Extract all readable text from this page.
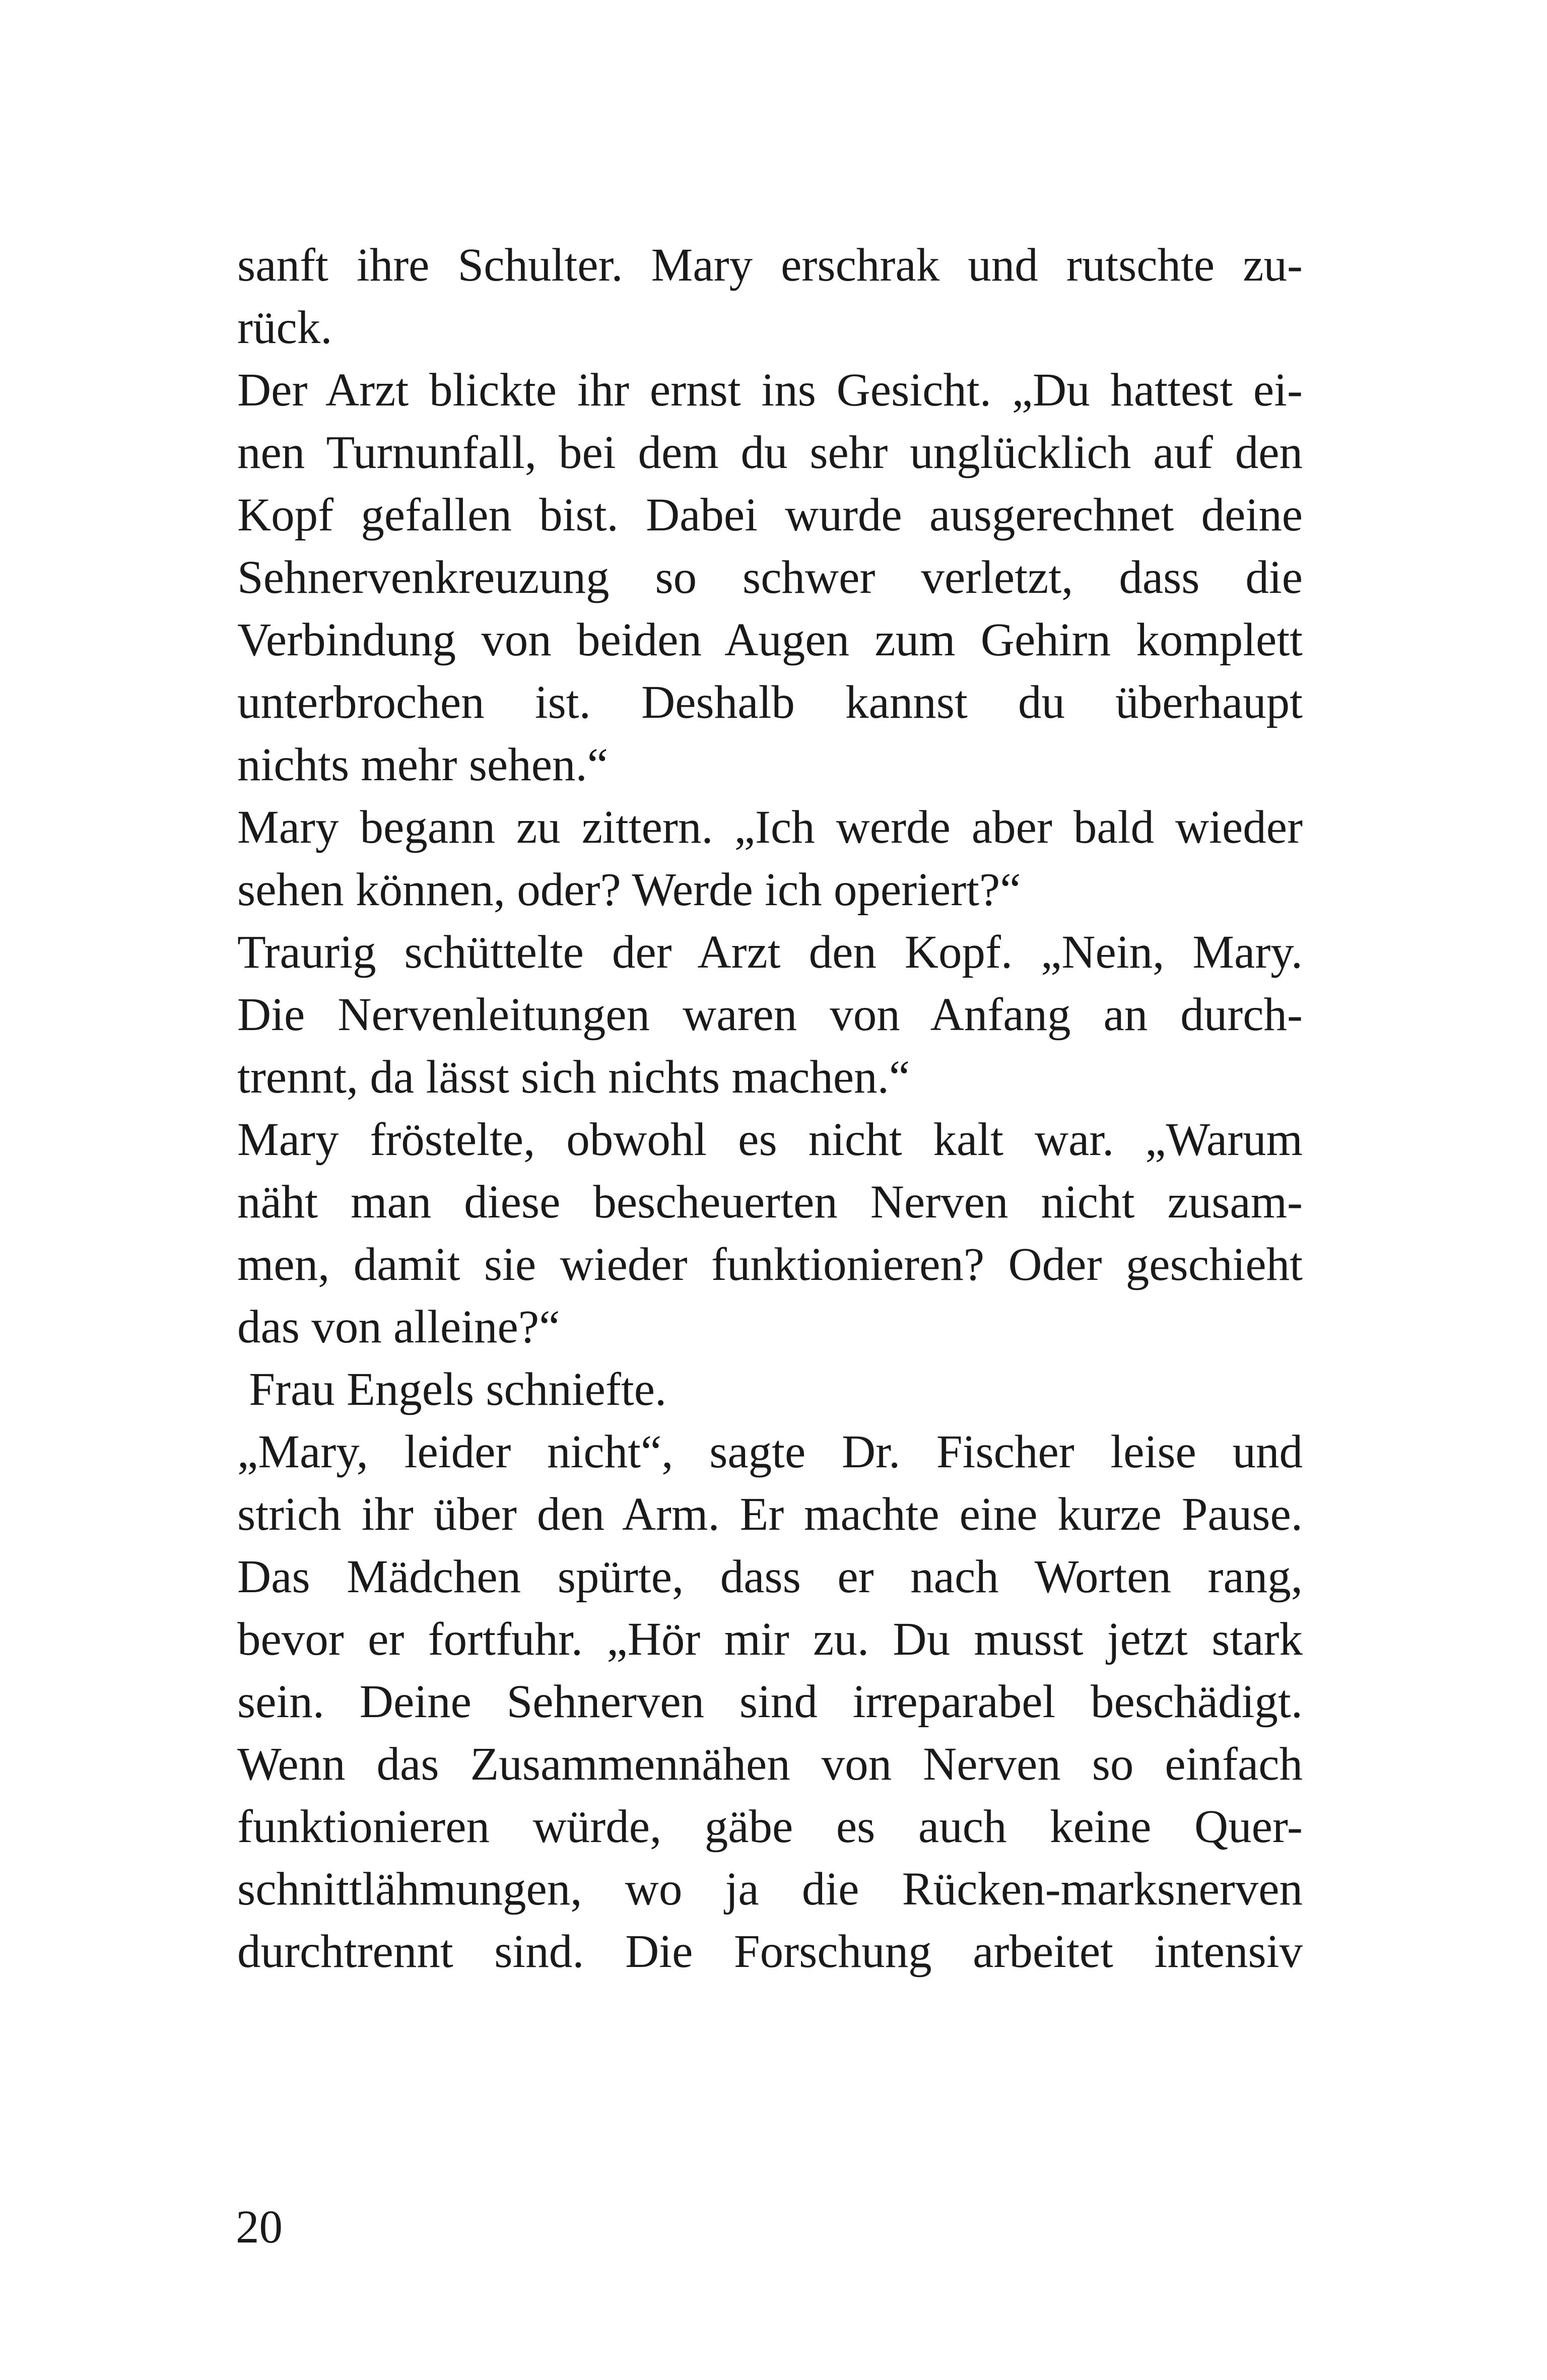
sanft ihre Schulter. Mary erschrak und rutschte zu-
rück.
Der Arzt blickte ihr ernst ins Gesicht. „Du hattest ei-
nen Turnunfall, bei dem du sehr unglücklich auf den
Kopf gefallen bist. Dabei wurde ausgerechnet deine
Sehnervenkreuzung so schwer verletzt, dass die
Verbindung von beiden Augen zum Gehirn komplett
unterbrochen ist. Deshalb kannst du überhaupt
nichts mehr sehen.“
Mary begann zu zittern. „Ich werde aber bald wieder
sehen können, oder? Werde ich operiert?“
Traurig schüttelte der Arzt den Kopf. „Nein, Mary.
Die Nervenleitungen waren von Anfang an durch-
trennt, da lässt sich nichts machen.“
Mary fröstelte, obwohl es nicht kalt war. „Warum
näht man diese bescheuerten Nerven nicht zusam-
men, damit sie wieder funktionieren? Oder geschieht
das von alleine?“
Frau Engels schniefte.
„Mary, leider nicht“, sagte Dr. Fischer leise und
strich ihr über den Arm. Er machte eine kurze Pause.
Das Mädchen spürte, dass er nach Worten rang,
bevor er fortfuhr. „Hör mir zu. Du musst jetzt stark
sein. Deine Sehnerven sind irreparabel beschädigt.
Wenn das Zusammennähen von Nerven so einfach
funktionieren würde, gäbe es auch keine Quer-
schnittlähmungen, wo ja die Rücken-marksnerven
durchtrennt sind. Die Forschung arbeitet intensiv
20
